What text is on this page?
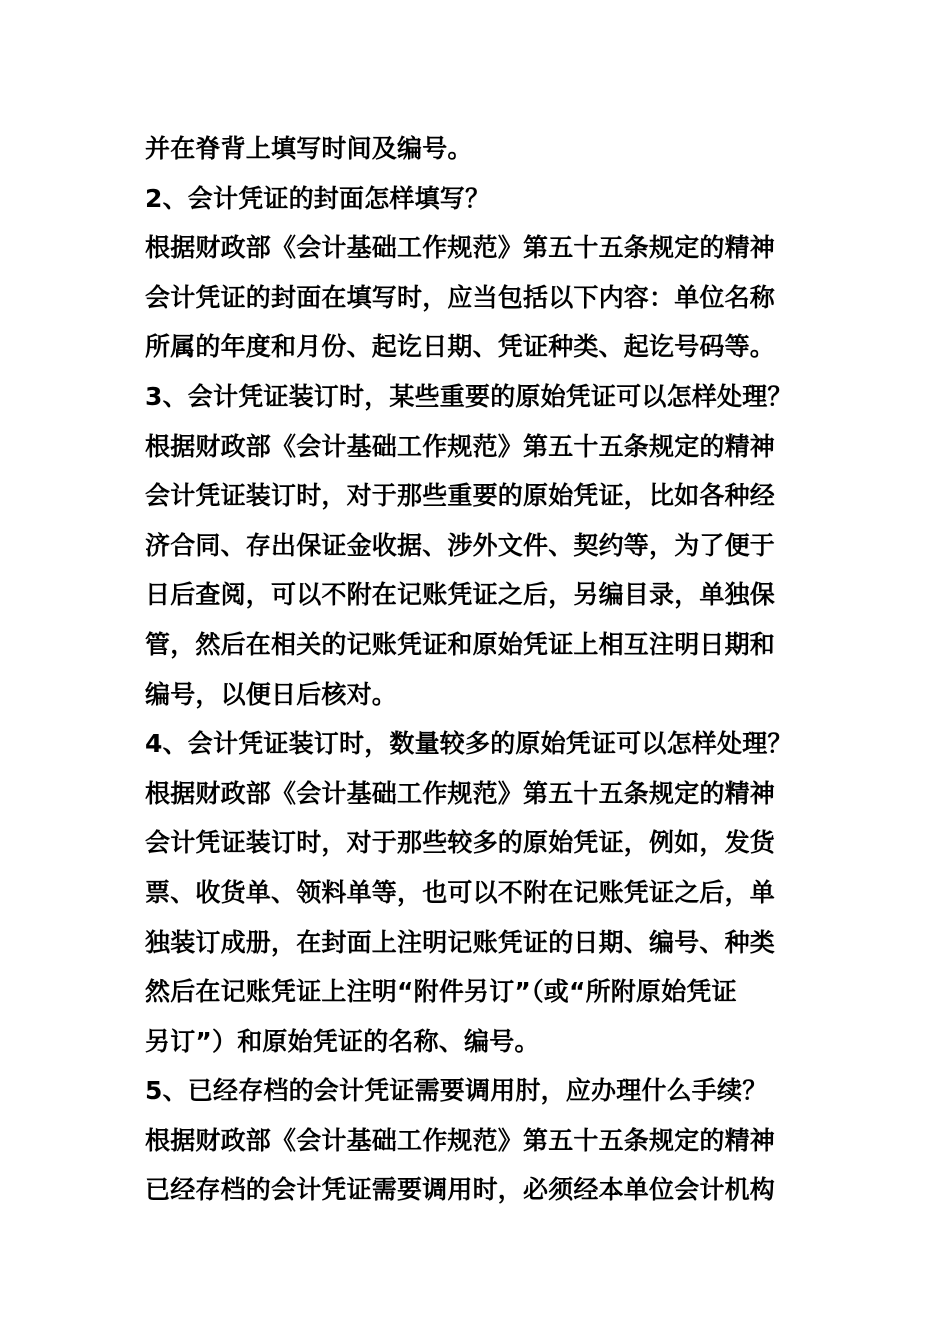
并在脊背上填写时间及编号。
2、会计凭证的封面怎样填写？
根据财政部《会计基础工作规范》第五十五条规定的精神
会计凭证的封面在填写时，应当包括以下内容：单位名称
所属的年度和月份、起讫日期、凭证种类、起讫号码等。
3、会计凭证装订时，某些重要的原始凭证可以怎样处理？
根据财政部《会计基础工作规范》第五十五条规定的精神
会计凭证装订时，对于那些重要的原始凭证，比如各种经
济合同、存出保证金收据、涉外文件、契约等，为了便于
日后查阅，可以不附在记账凭证之后，另编目录，单独保
管，然后在相关的记账凭证和原始凭证上相互注明日期和
编号，以便日后核对。
4、会计凭证装订时，数量较多的原始凭证可以怎样处理？
根据财政部《会计基础工作规范》第五十五条规定的精神
会计凭证装订时，对于那些较多的原始凭证，例如，发货
票、收货单、领料单等，也可以不附在记账凭证之后，单
独装订成册，在封面上注明记账凭证的日期、编号、种类
然后在记账凭证上注明“附件另订”（或“所附原始凭证
另订”）和原始凭证的名称、编号。
5、已经存档的会计凭证需要调用肘，应办理什么手续？
根据财政部《会计基础工作规范》第五十五条规定的精神
已经存档的会计凭证需要调用时，必须经本单位会计机构
